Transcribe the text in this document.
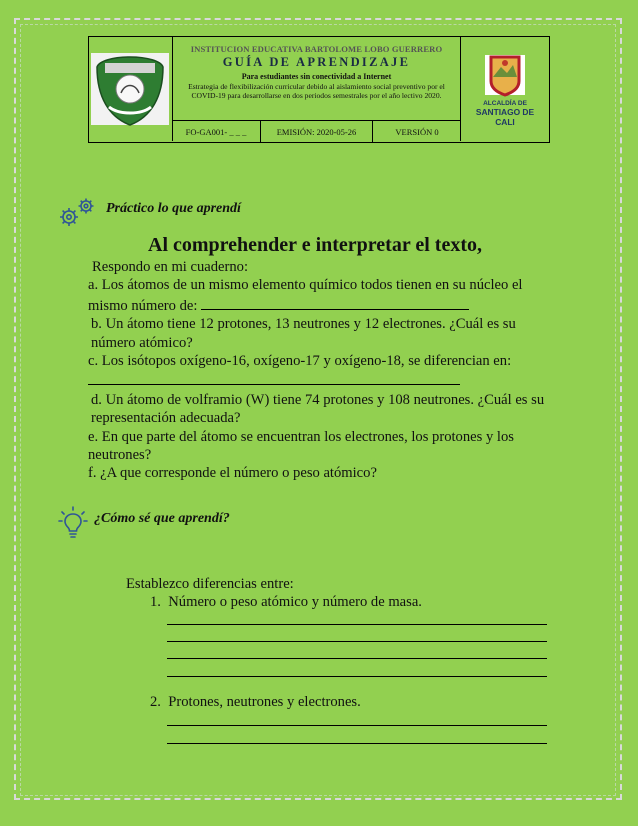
INSTITUCION EDUCATIVA BARTOLOME LOBO GUERRERO
GUÍA DE APRENDIZAJE
Para estudiantes sin conectividad a Internet
Estrategia de flexibilización curricular debido al aislamiento social preventivo por el COVID-19 para desarrollarse en dos periodos semestrales por el año lectivo 2020.
FO-GA001- _ _ _	EMISIÓN: 2020-05-26	VERSIÓN 0
ALCALDÍA DE
SANTIAGO DE CALI
Práctico lo que aprendí
Al comprehender e interpretar el texto,

Respondo en mi cuaderno:

a. Los átomos de un mismo elemento químico todos tienen en su núcleo el mismo número de:

b. Un átomo tiene 12 protones, 13 neutrones y 12 electrones. ¿Cuál es su número atómico?

c. Los isótopos oxígeno-16, oxígeno-17 y oxígeno-18, se diferencian en:

d. Un átomo de volframio (W) tiene 74 protones y 108 neutrones. ¿Cuál es su representación adecuada?

e. En que parte del átomo se encuentran los electrones, los protones y los neutrones?

f. ¿A que corresponde el número o peso atómico?

¿Cómo sé que aprendí?
Establezco diferencias entre:
1. Número o peso atómico y número de masa.
2. Protones, neutrones y electrones.
